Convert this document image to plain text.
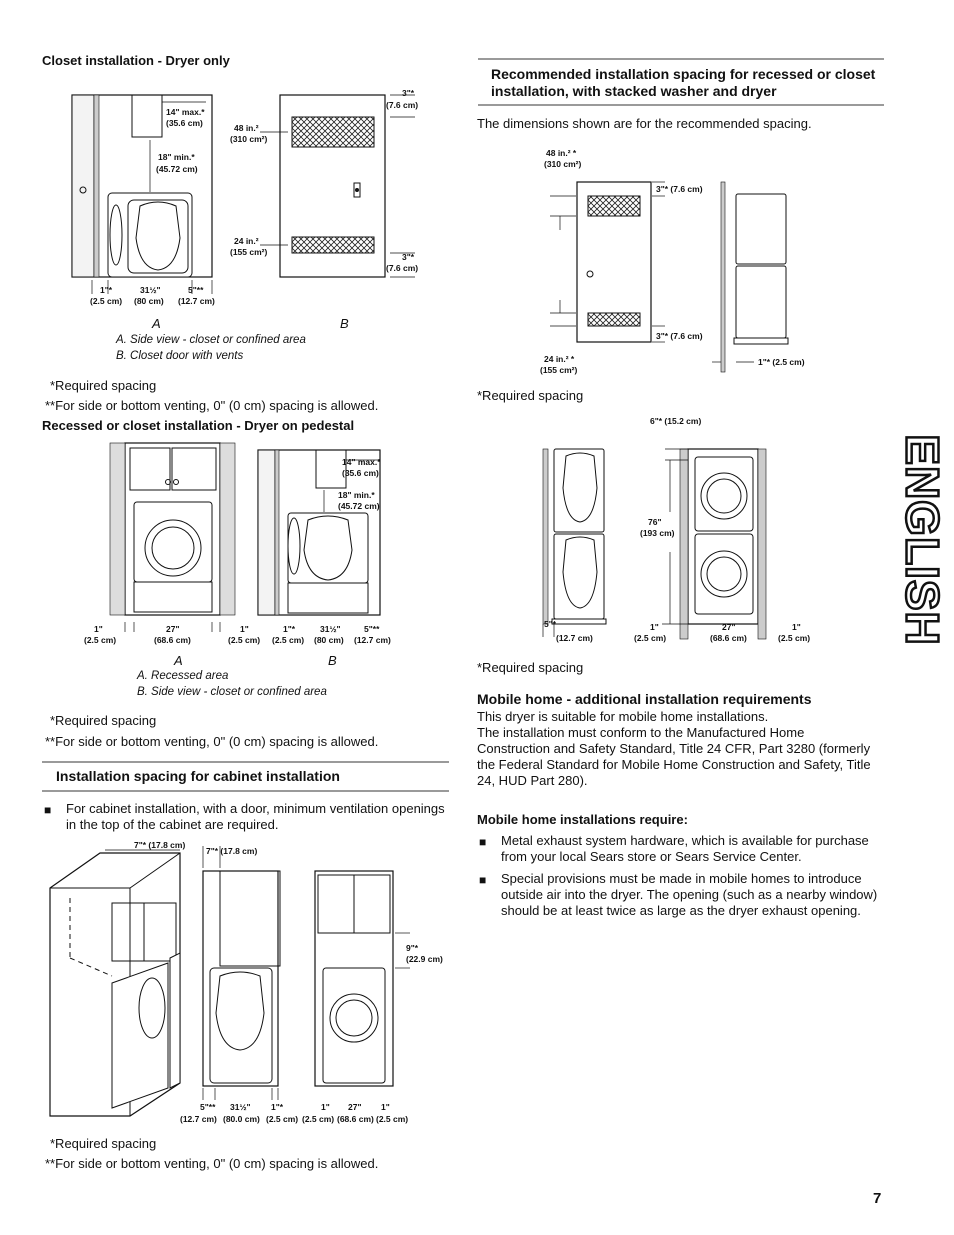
Closet installation - Dryer only
14" max.*
(35.6 cm)
18" min.*
(45.72 cm)
1"*
(2.5 cm)
31½"
(80 cm)
5"**
(12.7 cm)
3"*
(7.6 cm)
3"*
(7.6 cm)
48 in.²
(310 cm²)
24 in.²
(155 cm²)
A	B
A. Side view - closet or confined area
B. Closet door with vents
*Required spacing
**For side or bottom venting, 0" (0 cm) spacing is allowed.
Recessed or closet installation - Dryer on pedestal
1"
(2.5 cm)
27"
(68.6 cm)
1"
(2.5 cm)
14" max.*
(35.6 cm)
18" min.*
(45.72 cm)
1"*
(2.5 cm)
31½"
(80 cm)
5"**
(12.7 cm)
A	B
A. Recessed area
B. Side view - closet or confined area
*Required spacing
**For side or bottom venting, 0" (0 cm) spacing is allowed.
Installation spacing for cabinet installation
■ For cabinet installation, with a door, minimum ventilation openings in the top of the cabinet are required.
7"* (17.8 cm)
7"* (17.8 cm)
9"*
(22.9 cm)
5"**
(12.7 cm)
31½"
(80.0 cm)
1"*
(2.5 cm)
1"
(2.5 cm)
27"
(68.6 cm)
1"
(2.5 cm)
*Required spacing
**For side or bottom venting, 0" (0 cm) spacing is allowed.
Recommended installation spacing for recessed or closet installation, with stacked washer and dryer
The dimensions shown are for the recommended spacing.
48 in.² *
(310 cm²)
24 in.² *
(155 cm²)
3"* (7.6 cm)
3"* (7.6 cm)
1"* (2.5 cm)
*Required spacing
5"*
(12.7 cm)
6"* (15.2 cm)
76"
(193 cm)
1"
(2.5 cm)
27"
(68.6 cm)
1"
(2.5 cm)
*Required spacing
Mobile home - additional installation requirements
This dryer is suitable for mobile home installations.
The installation must conform to the Manufactured Home Construction and Safety Standard, Title 24 CFR, Part 3280 (formerly the Federal Standard for Mobile Home Construction and Safety, Title 24, HUD Part 280).
Mobile home installations require:
■ Metal exhaust system hardware, which is available for purchase from your local Sears store or Sears Service Center.
■ Special provisions must be made in mobile homes to introduce outside air into the dryer. The opening (such as a nearby window) should be at least twice as large as the dryer exhaust opening.
ENGLISH
7
